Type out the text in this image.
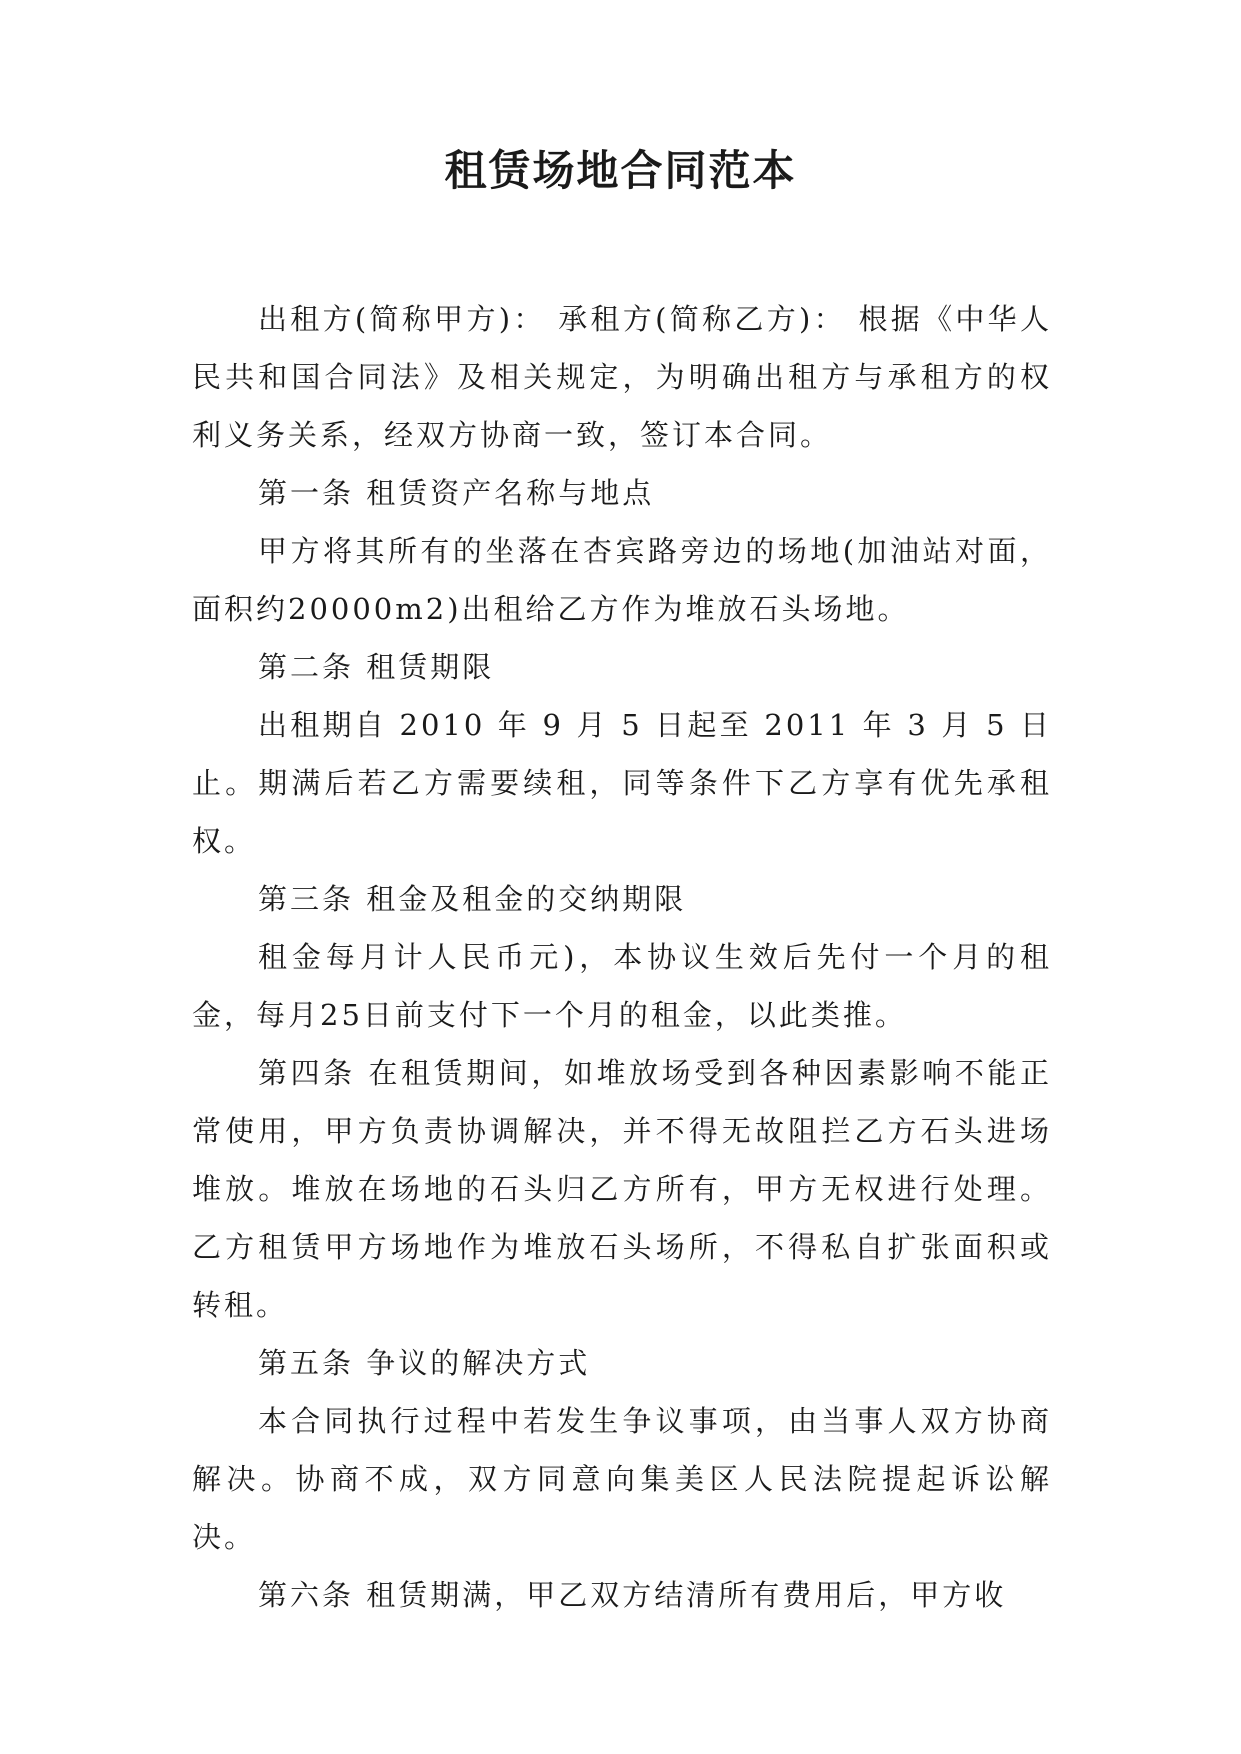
租赁场地合同范本

出租方(简称甲方)： 承租方(简称乙方)： 根据《中华人民共和国合同法》及相关规定，为明确出租方与承租方的权利义务关系，经双方协商一致，签订本合同。

第一条 租赁资产名称与地点

甲方将其所有的坐落在杏宾路旁边的场地(加油站对面，面积约20000m2)出租给乙方作为堆放石头场地。

第二条 租赁期限

出租期自 2010 年 9 月 5 日起至 2011 年 3 月 5 日止。期满后若乙方需要续租，同等条件下乙方享有优先承租权。

第三条 租金及租金的交纳期限

租金每月计人民币元)，本协议生效后先付一个月的租金，每月25日前支付下一个月的租金，以此类推。

第四条 在租赁期间，如堆放场受到各种因素影响不能正常使用，甲方负责协调解决，并不得无故阻拦乙方石头进场堆放。堆放在场地的石头归乙方所有，甲方无权进行处理。乙方租赁甲方场地作为堆放石头场所，不得私自扩张面积或转租。

第五条 争议的解决方式

本合同执行过程中若发生争议事项，由当事人双方协商解决。协商不成，双方同意向集美区人民法院提起诉讼解决。

第六条 租赁期满，甲乙双方结清所有费用后，甲方收
